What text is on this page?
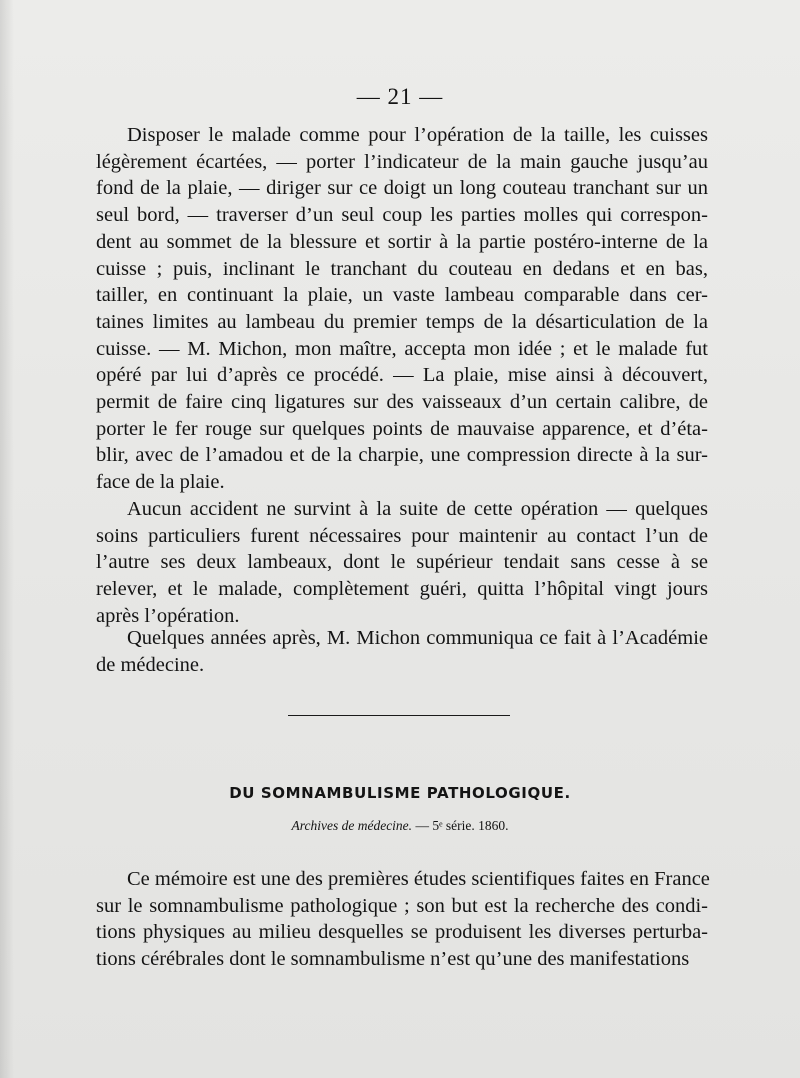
— 21 —
Disposer le malade comme pour l’opération de la taille, les cuisses
légèrement écartées, — porter l’indicateur de la main gauche jusqu’au
fond de la plaie, — diriger sur ce doigt un long couteau tranchant sur un
seul bord, — traverser d’un seul coup les parties molles qui correspon-
dent au sommet de la blessure et sortir à la partie postéro-interne de la
cuisse ; puis, inclinant le tranchant du couteau en dedans et en bas,
tailler, en continuant la plaie, un vaste lambeau comparable dans cer-
taines limites au lambeau du premier temps de la désarticulation de la
cuisse. — M. Michon, mon maître, accepta mon idée ; et le malade fut
opéré par lui d’après ce procédé. — La plaie, mise ainsi à découvert,
permit de faire cinq ligatures sur des vaisseaux d’un certain calibre, de
porter le fer rouge sur quelques points de mauvaise apparence, et d’éta-
blir, avec de l’amadou et de la charpie, une compression directe à la sur-
face de la plaie.
Aucun accident ne survint à la suite de cette opération — quelques
soins particuliers furent nécessaires pour maintenir au contact l’un de
l’autre ses deux lambeaux, dont le supérieur tendait sans cesse à se
relever, et le malade, complètement guéri, quitta l’hôpital vingt jours
après l’opération.
Quelques années après, M. Michon communiqua ce fait à l’Académie
de médecine.
DU SOMNAMBULISME PATHOLOGIQUE.
Archives de médecine. — 5ᵉ série. 1860.
Ce mémoire est une des premières études scientifiques faites en France
sur le somnambulisme pathologique ; son but est la recherche des condi-
tions physiques au milieu desquelles se produisent les diverses perturba-
tions cérébrales dont le somnambulisme n’est qu’une des manifestations
